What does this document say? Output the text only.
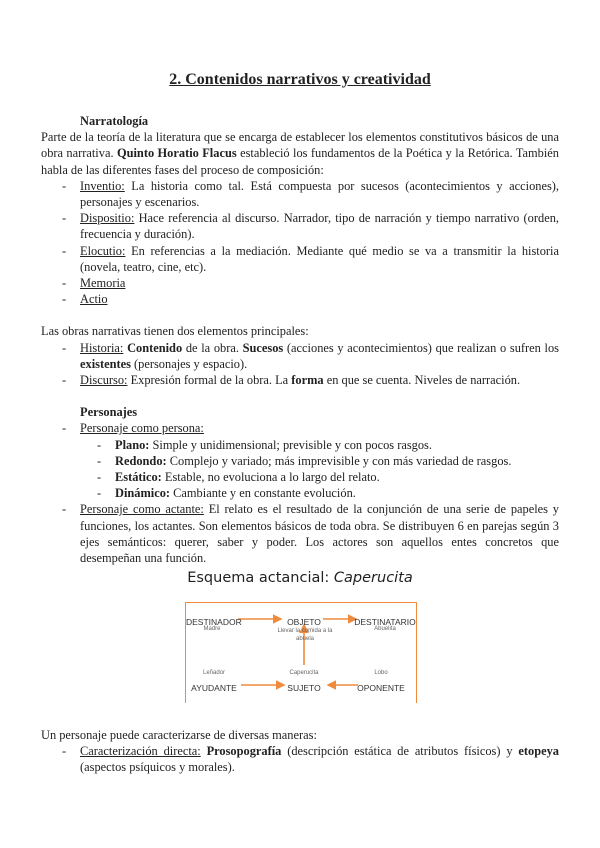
2. Contenidos narrativos y creatividad
Narratología
Parte de la teoría de la literatura que se encarga de establecer los elementos constitutivos básicos de una obra narrativa. Quinto Horatio Flacus estableció los fundamentos de la Poética y la Retórica. También habla de las diferentes fases del proceso de composición:
- Inventio: La historia como tal. Está compuesta por sucesos (acontecimientos y acciones), personajes y escenarios.
- Dispositio: Hace referencia al discurso. Narrador, tipo de narración y tiempo narrativo (orden, frecuencia y duración).
- Elocutio: En referencias a la mediación. Mediante qué medio se va a transmitir la historia (novela, teatro, cine, etc).
- Memoria
- Actio
Las obras narrativas tienen dos elementos principales:
- Historia: Contenido de la obra. Sucesos (acciones y acontecimientos) que realizan o sufren los existentes (personajes y espacio).
- Discurso: Expresión formal de la obra. La forma en que se cuenta. Niveles de narración.
Personajes
- Personaje como persona:
- Plano: Simple y unidimensional; previsible y con pocos rasgos.
- Redondo: Complejo y variado; más imprevisible y con más variedad de rasgos.
- Estático: Estable, no evoluciona a lo largo del relato.
- Dinámico: Cambiante y en constante evolución.
- Personaje como actante: El relato es el resultado de la conjunción de una serie de papeles y funciones, los actantes. Son elementos básicos de toda obra. Se distribuyen 6 en parejas según 3 ejes semánticos: querer, saber y poder. Los actores son aquellos entes concretos que desempeñan una función.
Esquema actancial: Caperucita
DESTINADOR
Madre
OBJETO
Llevar la comida a la abuela
DESTINATARIO
Abuelita
Leñador
AYUDANTE
Caperucita
SUJETO
Lobo
OPONENTE
Un personaje puede caracterizarse de diversas maneras:
- Caracterización directa: Prosopografía (descripción estática de atributos físicos) y etopeya (aspectos psíquicos y morales).
